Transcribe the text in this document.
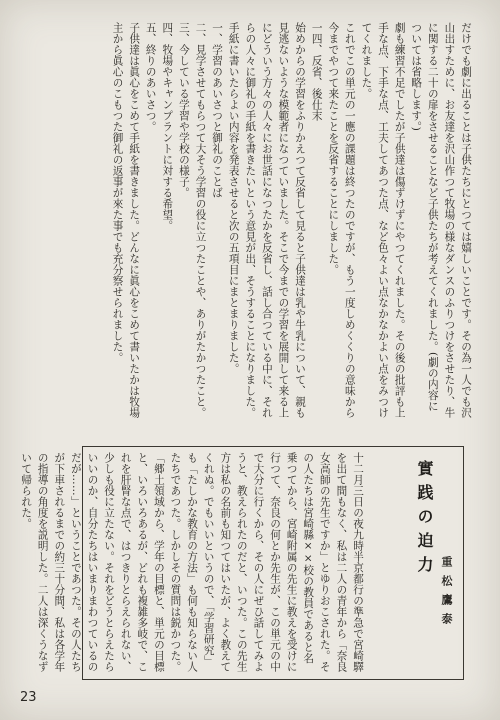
だけでも劇に出ることは子供たちにとつては嬉しいことです。その為一人でも沢山出すために、お友達を沢山作つて牧場の様なダンスのふりつけをさせたり、牛に関する二十の扉をさせることなど子供たちが考えてくれました。(劇の内容については省略します。)
劇も練習不足でしたが子供達は傷ずけずにやつてくれました。その後の批評も上手な点、下手な点、工夫してあつた点、など色々よい点なかなかよい点をみつけてくれました。
これでこの単元の一應の課題は終つたのですが、もう一度しめくくりの意味から今までやつて来たことを反省することにしました。
一四、反省、後仕末
始めからの学習をふりかえつて反省して見ると子供達は乳や牛乳について、親も見逃ないような模範者になつていました。そこで今までの学習を展開して来る上にどういう方々の人々にお世話になつたかを反省し、話し合つている中に、それらの人々に御礼の手紙を書きたいという意見が出、そうすることになりました。手紙に書いたらよい内容を発表させると次の五項目にまとまりました。
一、学習のあいさつと御礼のことば
二、見学させてもらつて大そう学習の役に立つたことや、ありがたかつたこと。
三、今している学習や学校の様子。
四、牧場やキャンプラントに対する希望。
五、終りのあいさつ。
子供達は眞心をこめて手紙を書きました。どんなに眞心をこめて書いたかは牧場主から眞心のこもつた御礼の返事が來た事でも充分察せられました。

實践の迫力
重松鷹泰

十二月三日の夜九時半京都行の準急で宮崎驛を出て間もなく、私は二人の青年から「奈良女高師の先生ですか」とゆりおこされた。その人たちは宮崎縣××校の教員であると名乗つてから、宮崎附属の先生に教えを受けに行つて、奈良の何とか先生が、この単元の中で大分に行くから、その人にぜひ話してみようと、教えられたのだと、いつた。この先生方は私の名前も知つてはいたが、よく教えてくれぬ。でもいいというので、「学習研究」も「たしかな教育の方法」も何も知らない人たちであつた。しかしその質問は鋭かつた。「郷土領域から、学年の目標と、単元の目標と、いろいろあるが、どれも複雑多岐で、これを肝腎な点で、はつきりとらえられない、少しも役に立たない。それをどうとらえたらいいのか、自分たちはいまりまわつているのだが……」ということであつた。その人たちが下車されるまでの約三十分間、私は各学年の指導の角度を説明した。二人は深くうなずいて帰られた。

23
